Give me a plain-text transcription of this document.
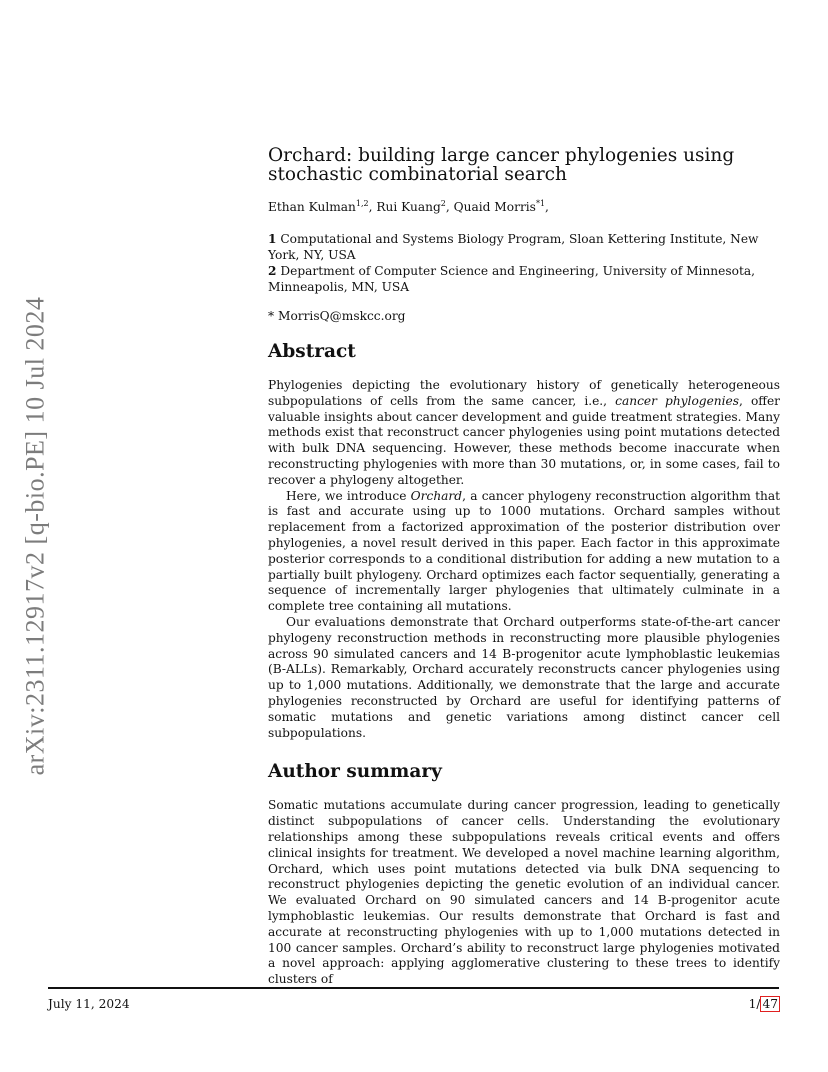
arXiv:2311.12917v2 [q-bio.PE] 10 Jul 2024
Orchard: building large cancer phylogenies using stochastic combinatorial search

Ethan Kulman$^{1,2}$, Rui Kuang$^2$, Quaid Morris$^{*1}$,

1 Computational and Systems Biology Program, Sloan Kettering Institute, New York, NY, USA

2 Department of Computer Science and Engineering, University of Minnesota, Minneapolis, MN, USA

* MorrisQ@mskcc.org

Abstract

Phylogenies depicting the evolutionary history of genetically heterogeneous subpopulations of cells from the same cancer, i.e., cancer phylogenies, offer valuable insights about cancer development and guide treatment strategies. Many methods exist that reconstruct cancer phylogenies using point mutations detected with bulk DNA sequencing. However, these methods become inaccurate when reconstructing phylogenies with more than 30 mutations, or, in some cases, fail to recover a phylogeny altogether.

Here, we introduce Orchard, a cancer phylogeny reconstruction algorithm that is fast and accurate using up to 1000 mutations. Orchard samples without replacement from a factorized approximation of the posterior distribution over phylogenies, a novel result derived in this paper. Each factor in this approximate posterior corresponds to a conditional distribution for adding a new mutation to a partially built phylogeny. Orchard optimizes each factor sequentially, generating a sequence of incrementally larger phylogenies that ultimately culminate in a complete tree containing all mutations.

Our evaluations demonstrate that Orchard outperforms state-of-the-art cancer phylogeny reconstruction methods in reconstructing more plausible phylogenies across 90 simulated cancers and 14 B-progenitor acute lymphoblastic leukemias (B-ALLs). Remarkably, Orchard accurately reconstructs cancer phylogenies using up to 1,000 mutations. Additionally, we demonstrate that the large and accurate phylogenies reconstructed by Orchard are useful for identifying patterns of somatic mutations and genetic variations among distinct cancer cell subpopulations.

Author summary

Somatic mutations accumulate during cancer progression, leading to genetically distinct subpopulations of cancer cells. Understanding the evolutionary relationships among these subpopulations reveals critical events and offers clinical insights for treatment. We developed a novel machine learning algorithm, Orchard, which uses point mutations detected via bulk DNA sequencing to reconstruct phylogenies depicting the genetic evolution of an individual cancer. We evaluated Orchard on 90 simulated cancers and 14 B-progenitor acute lymphoblastic leukemias. Our results demonstrate that Orchard is fast and accurate at reconstructing phylogenies with up to 1,000 mutations detected in 100 cancer samples. Orchard’s ability to reconstruct large phylogenies motivated a novel approach: applying agglomerative clustering to these trees to identify clusters of

July 11, 2024	1/ 47
